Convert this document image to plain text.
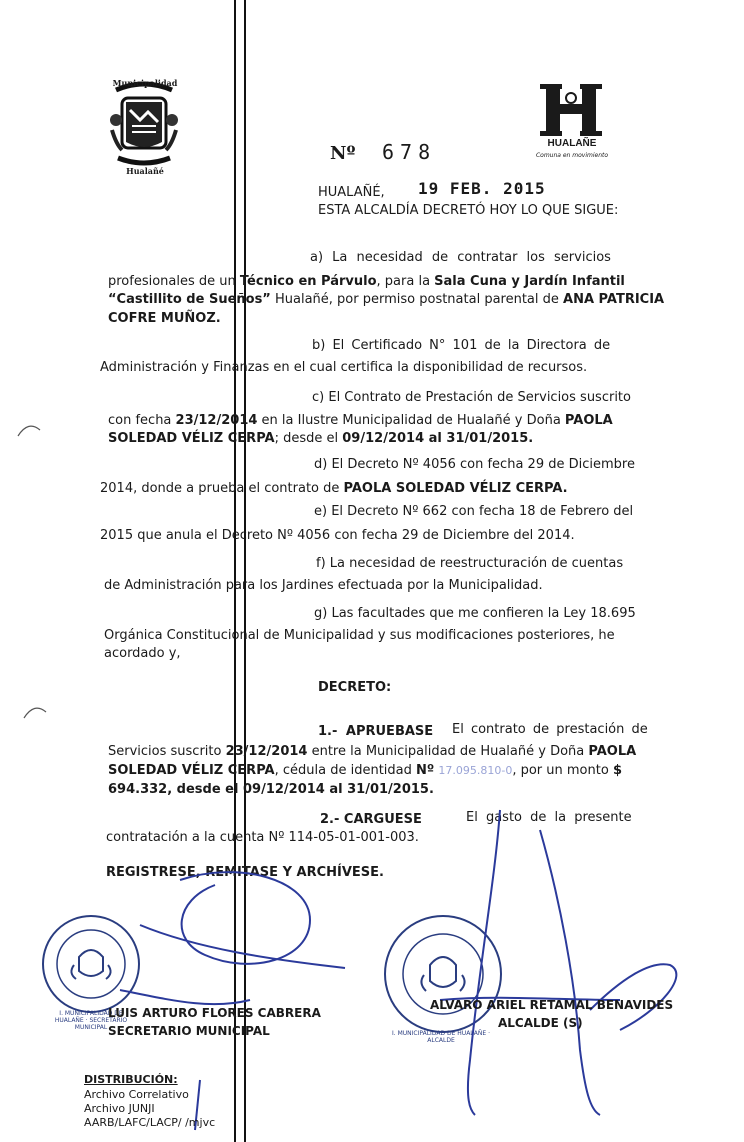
Municipalidad
Hualañé
HUALAÑE
Comuna en movimiento
Nº 678
HUALAÑÉ, 19 FEB. 2015
ESTA ALCALDÍA DECRETÓ HOY LO QUE SIGUE:
a) La necesidad de contratar los servicios
profesionales de un Técnico en Párvulo, para la Sala Cuna y Jardín Infantil
“Castillito de Sueños” Hualañé, por permiso postnatal parental de ANA PATRICIA
COFRE MUÑOZ.
b) El Certificado N° 101 de la Directora de
Administración y Finanzas en el cual certifica la disponibilidad de recursos.
c) El Contrato de Prestación de Servicios suscrito
con fecha 23/12/2014 en la Ilustre Municipalidad de Hualañé y Doña PAOLA
SOLEDAD VÉLIZ CERPA; desde el 09/12/2014 al 31/01/2015.
d) El Decreto Nº 4056 con fecha 29 de Diciembre
2014, donde a prueba el contrato de PAOLA SOLEDAD VÉLIZ CERPA.
e) El Decreto Nº 662 con fecha 18 de Febrero del
2015 que anula el Decreto Nº 4056 con fecha 29 de Diciembre del 2014.
f) La necesidad de reestructuración de cuentas
de Administración para los Jardines efectuada por la Municipalidad.
g) Las facultades que me confieren la Ley 18.695
Orgánica Constitucional de Municipalidad y sus modificaciones posteriores, he
acordado y,
DECRETO:
1.- APRUEBASE El contrato de prestación de
Servicios suscrito 23/12/2014 entre la Municipalidad de Hualañé y Doña PAOLA
SOLEDAD VÉLIZ CERPA, cédula de identidad Nº 17.095.810-0, por un monto $
694.332, desde el 09/12/2014 al 31/01/2015.
2.- CARGUESE	El gasto de la presente
contratación a la cuenta Nº 114-05-01-001-003.
REGISTRESE, REMITASE Y ARCHÍVESE.
I. MUNICIPALIDAD DE HUALAÑE · SECRETARIO MUNICIPAL
I. MUNICIPALIDAD DE HUALAÑE · ALCALDE
LUIS ARTURO FLORES CABRERA
SECRETARIO MUNICIPAL
ALVARO ARIEL RETAMAL BENAVIDES
ALCALDE (S)
DISTRIBUCIÓN:
Archivo Correlativo
Archivo JUNJI
AARB/LAFC/LACP/ /mjvc
